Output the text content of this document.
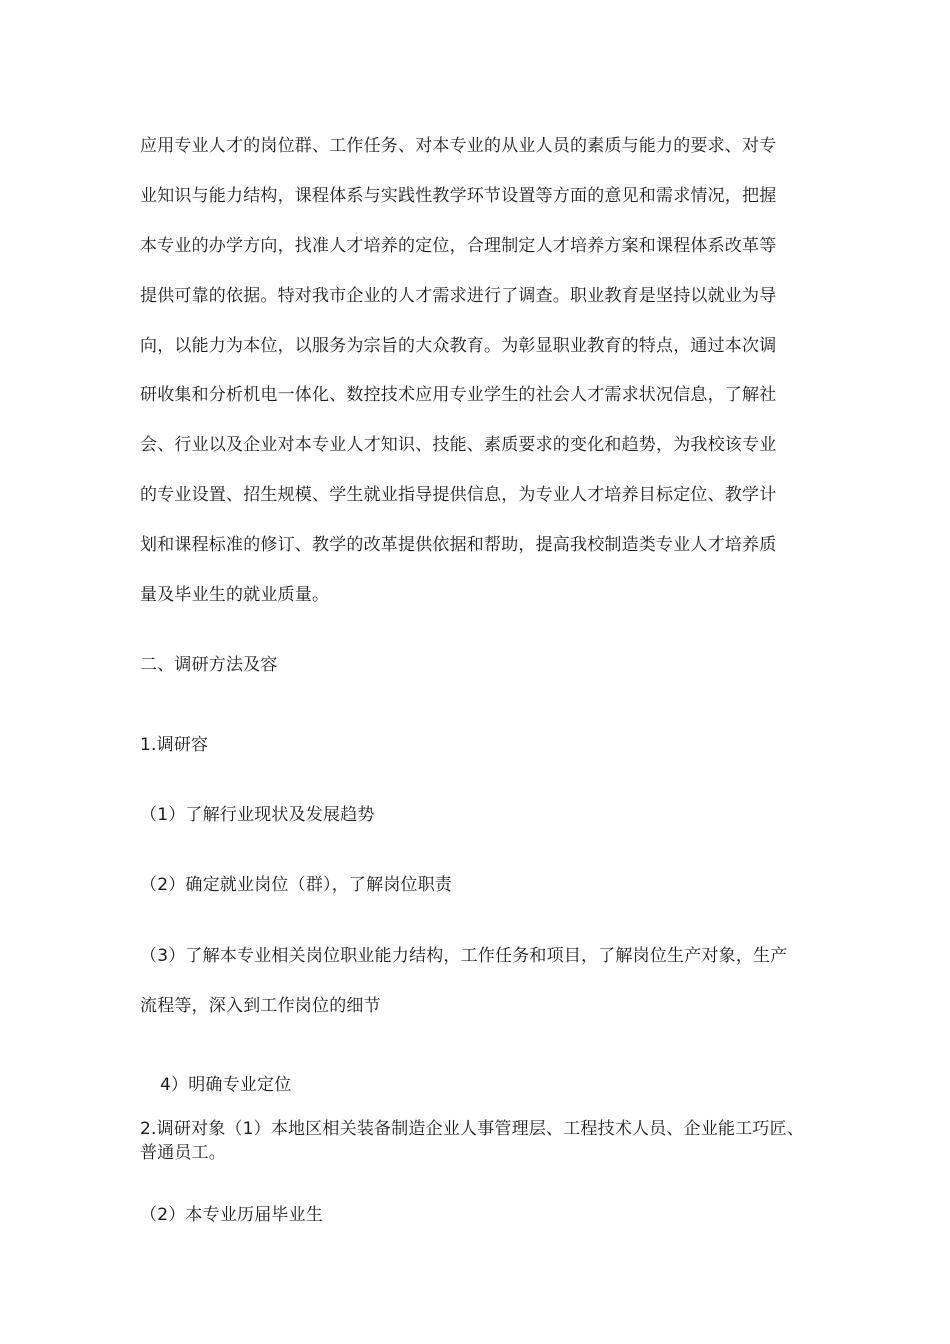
应用专业人才的岗位群、工作任务、对本专业的从业人员的素质与能力的要求、对专
业知识与能力结构，课程体系与实践性教学环节设置等方面的意见和需求情况，把握
本专业的办学方向，找准人才培养的定位，合理制定人才培养方案和课程体系改革等
提供可靠的依据。特对我市企业的人才需求进行了调查。职业教育是坚持以就业为导
向，以能力为本位，以服务为宗旨的大众教育。为彰显职业教育的特点，通过本次调
研收集和分析机电一体化、数控技术应用专业学生的社会人才需求状况信息，了解社
会、行业以及企业对本专业人才知识、技能、素质要求的变化和趋势，为我校该专业
的专业设置、招生规模、学生就业指导提供信息，为专业人才培养目标定位、教学计
划和课程标准的修订、教学的改革提供依据和帮助，提高我校制造类专业人才培养质
量及毕业生的就业质量。
二、调研方法及容
1.调研容
（1）了解行业现状及发展趋势
（2）确定就业岗位（群），了解岗位职责
（3）了解本专业相关岗位职业能力结构，工作任务和项目，了解岗位生产对象，生产
流程等，深入到工作岗位的细节
4）明确专业定位
2.调研对象（1）本地区相关装备制造企业人事管理层、工程技术人员、企业能工巧匠、
普通员工。
（2）本专业历届毕业生
